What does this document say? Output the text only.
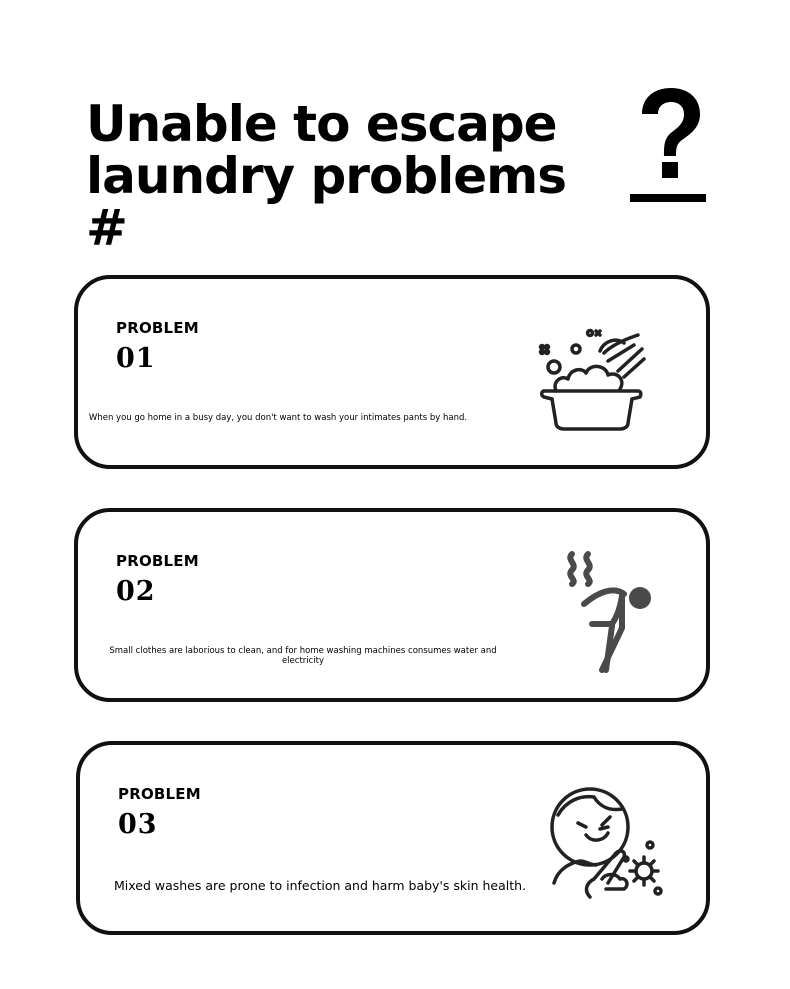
Unable to escape
laundry problems #
PROBLEM
01
When you go home in a busy day, you don't want to wash your intimates pants by hand.
PROBLEM
02
Small clothes are laborious to clean, and for home washing machines consumes water and electricity
PROBLEM
03
Mixed washes are prone to infection and harm baby's skin health.
